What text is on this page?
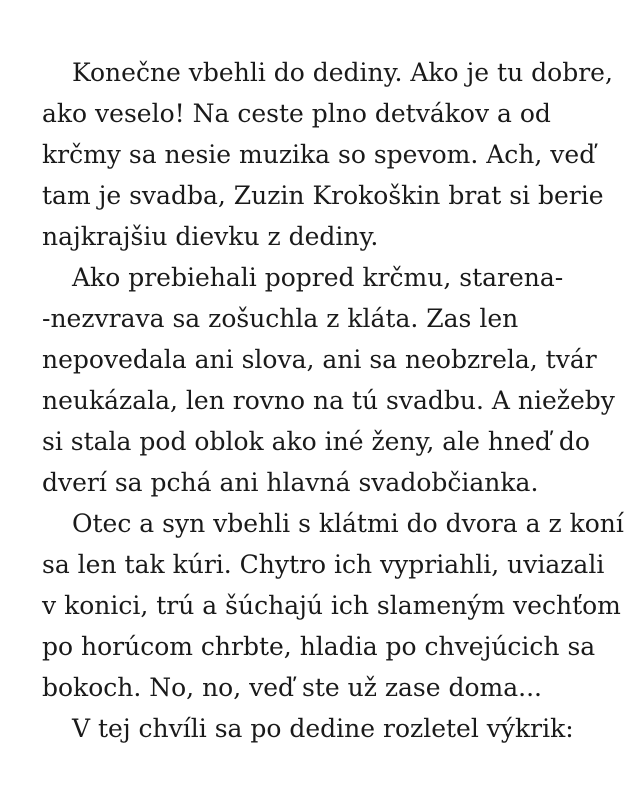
Konečne vbehli do dediny. Ako je tu dobre,
ako veselo! Na ceste plno detvákov a od
krčmy sa nesie muzika so spevom. Ach, veď
tam je svadba, Zuzin Krokoškin brat si berie
najkrajšiu dievku z dediny.
Ako prebiehali popred krčmu, starena-
-nezvrava sa zošuchla z kláta. Zas len
nepovedala ani slova, ani sa neobzrela, tvár
neukázala, len rovno na tú svadbu. A niežeby
si stala pod oblok ako iné ženy, ale hneď do
dverí sa pchá ani hlavná svadobčianka.
Otec a syn vbehli s klátmi do dvora a z koní
sa len tak kúri. Chytro ich vypriahli, uviazali
v konici, trú a šúchajú ich slameným vechťom
po horúcom chrbte, hladia po chvejúcich sa
bokoch. No, no, veď ste už zase doma...
V tej chvíli sa po dedine rozletel výkrik:
